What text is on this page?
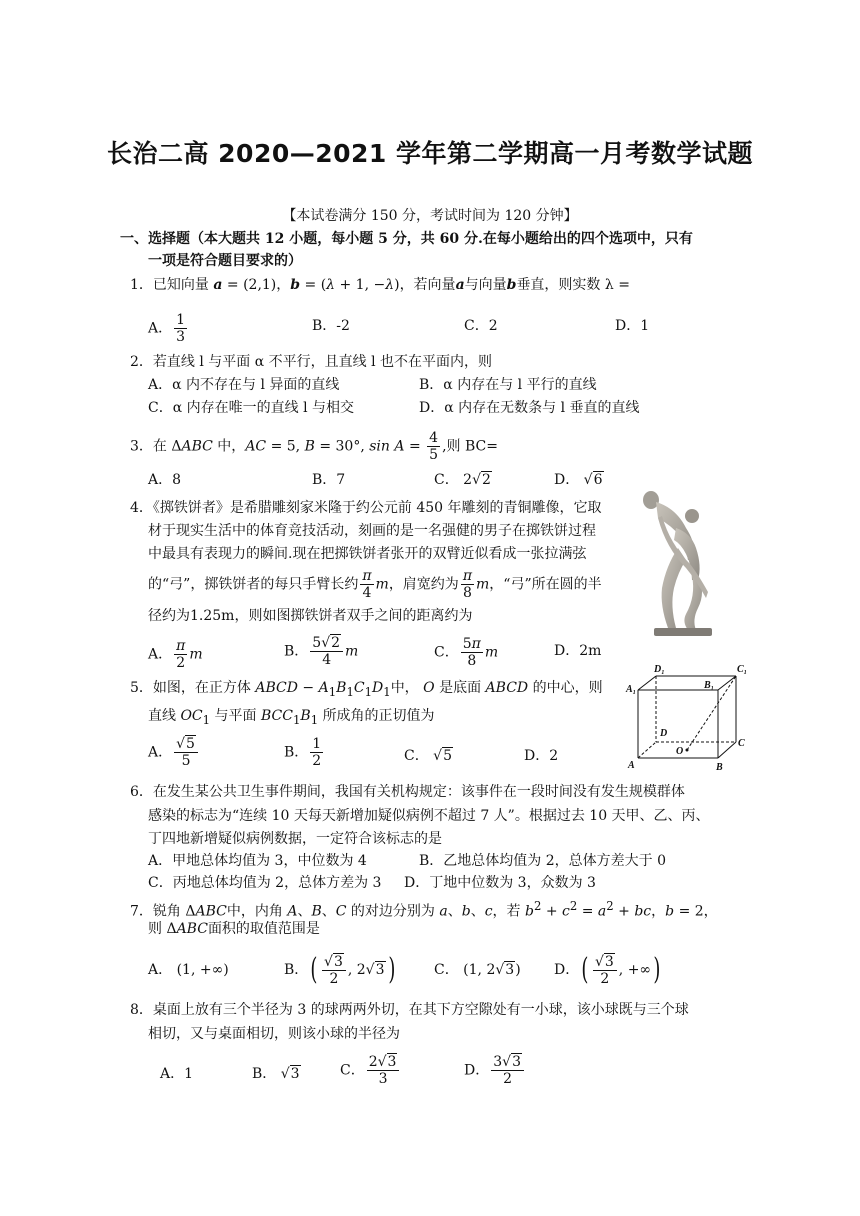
长治二高 2020—2021 学年第二学期高一月考数学试题
【本试卷满分 150 分，考试时间为 120 分钟】
一、选择题（本大题共 12 小题，每小题 5 分，共 60 分.在每小题给出的四个选项中，只有
一项是符合题目要求的）
1．已知向量 a = (2,1)，b = (λ + 1, −λ)，若向量a与向量b垂直，则实数 λ =
A． $\frac{1}{3}$	B．-2	C．2	D．1
2．若直线 l 与平面 α 不平行，且直线 l 也不在平面内，则
A．α 内不存在与 l 异面的直线	B．α 内存在与 l 平行的直线
C．α 内存在唯一的直线 l 与相交	D．α 内存在无数条与 l 垂直的直线
3．在 ΔABC 中，AC = 5, B = 30°, $\sin A = \frac{4}{5}$ ,则 BC=
A．8	B．7	C． 2√2	D． √6
4．《掷铁饼者》是希腊雕刻家米隆于约公元前 450 年雕刻的青铜雕像，它取
材于现实生活中的体育竞技活动，刻画的是一名强健的男子在掷铁饼过程
中最具有表现力的瞬间.现在把掷铁饼者张开的双臂近似看成一张拉满弦
的“弓”，掷铁饼者的每只手臂长约 $\frac{\pi}{4}$ m，肩宽约为 $\frac{\pi}{8}$ m，“弓”所在圆的半
径约为1.25m，则如图掷铁饼者双手之间的距离约为
A． $\frac{\pi}{2}$ m	B． $\frac{5√2}{4}$ m	C． $\frac{5\pi}{8}$ m	D．2m
5．如图，在正方体 ABCD − $A_1B_1C_1D_1$中， O 是底面 ABCD 的中心，则
直线 $OC_1$ 与平面 $BCC_1B_1$ 所成角的正切值为
A． $\frac{√5}{5}$	B． $\frac{1}{2}$	C． √5	D．2
D₁	C₁
A₁	B₁
D
C
A	B
O
6．在发生某公共卫生事件期间，我国有关机构规定：该事件在一段时间没有发生规模群体
感染的标志为“连续 10 天每天新增加疑似病例不超过 7 人”。根据过去 10 天甲、乙、丙、
丁四地新增疑似病例数据，一定符合该标志的是
A．甲地总体均值为 3，中位数为 4	B．乙地总体均值为 2，总体方差大于 0
C．丙地总体均值为 2，总体方差为 3 D．丁地中位数为 3，众数为 3
7．锐角 ΔABC中，内角 A、B、C 的对边分别为 a、b、c，若 $b^2 + c^2 = a^2$ + bc，b = 2，
则 ΔABC面积的取值范围是
A． (1, +∞)	B．( $\frac{√3}{2}$ , 2√3 )	C． (1, 2√3) D．( $\frac{√3}{2}$ , +∞)
8．桌面上放有三个半径为 3 的球两两外切，在其下方空隙处有一小球，该小球既与三个球
相切，又与桌面相切，则该小球的半径为
A．1	B． √3	C． $\frac{2√3}{3}$	D． $\frac{3√3}{2}$
